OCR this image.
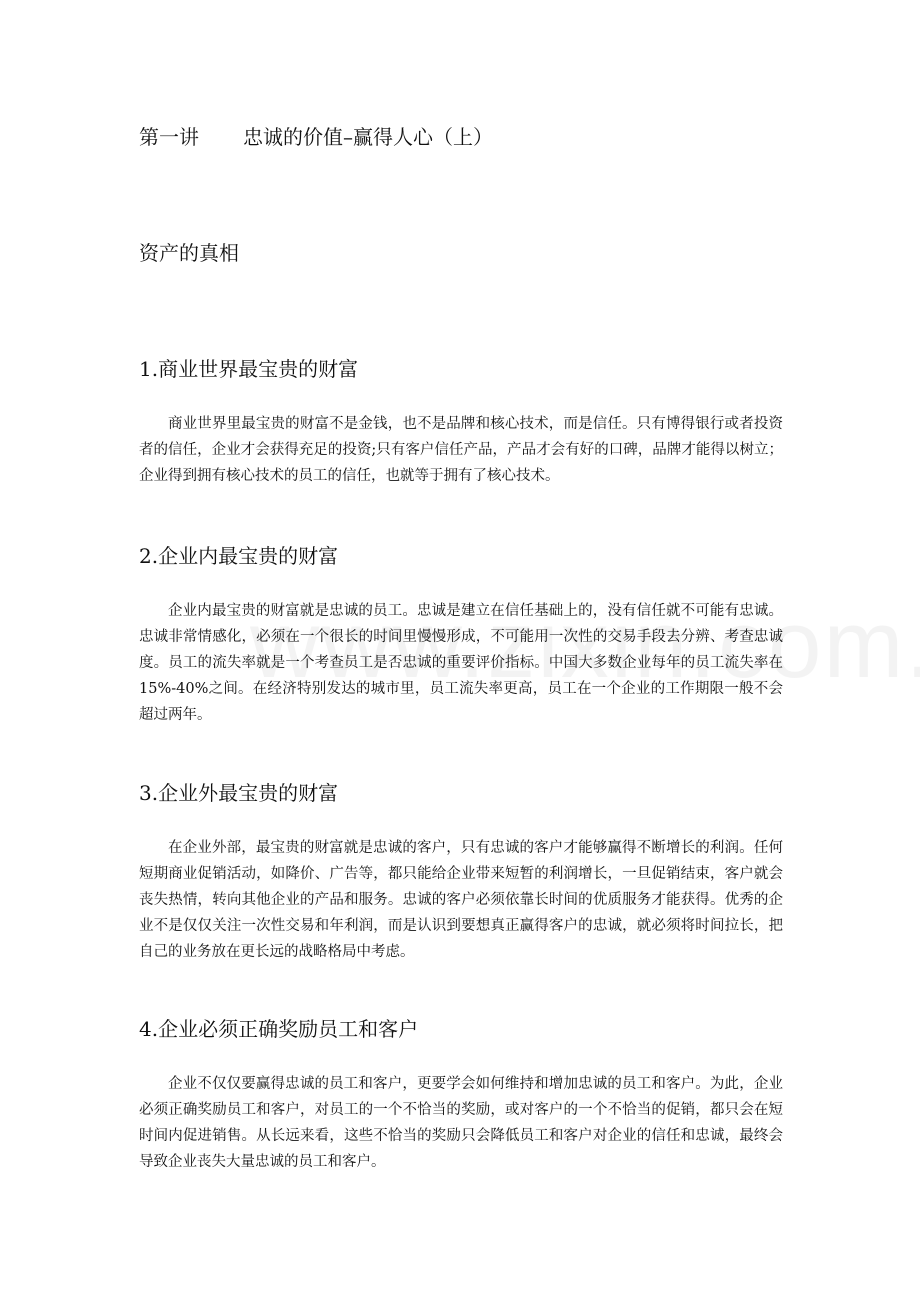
第一讲 忠诚的价值–赢得人心（上）
资产的真相
1.商业世界最宝贵的财富

商业世界里最宝贵的财富不是金钱，也不是品牌和核心技术，而是信任。只有博得银行或者投资者的信任，企业才会获得充足的投资;只有客户信任产品，产品才会有好的口碑，品牌才能得以树立；企业得到拥有核心技术的员工的信任，也就等于拥有了核心技术。

2.企业内最宝贵的财富

企业内最宝贵的财富就是忠诚的员工。忠诚是建立在信任基础上的，没有信任就不可能有忠诚。忠诚非常情感化，必须在一个很长的时间里慢慢形成，不可能用一次性的交易手段去分辨、考查忠诚度。员工的流失率就是一个考查员工是否忠诚的重要评价指标。中国大多数企业每年的员工流失率在15%-40%之间。在经济特别发达的城市里，员工流失率更高，员工在一个企业的工作期限一般不会超过两年。

3.企业外最宝贵的财富

在企业外部，最宝贵的财富就是忠诚的客户，只有忠诚的客户才能够赢得不断增长的利润。任何短期商业促销活动，如降价、广告等，都只能给企业带来短暂的利润增长，一旦促销结束，客户就会丧失热情，转向其他企业的产品和服务。忠诚的客户必须依靠长时间的优质服务才能获得。优秀的企业不是仅仅关注一次性交易和年利润，而是认识到要想真正赢得客户的忠诚，就必须将时间拉长，把自己的业务放在更长远的战略格局中考虑。

4.企业必须正确奖励员工和客户

企业不仅仅要赢得忠诚的员工和客户，更要学会如何维持和增加忠诚的员工和客户。为此，企业必须正确奖励员工和客户，对员工的一个不恰当的奖励，或对客户的一个不恰当的促销，都只会在短时间内促进销售。从长远来看，这些不恰当的奖励只会降低员工和客户对企业的信任和忠诚，最终会导致企业丧失大量忠诚的员工和客户。
